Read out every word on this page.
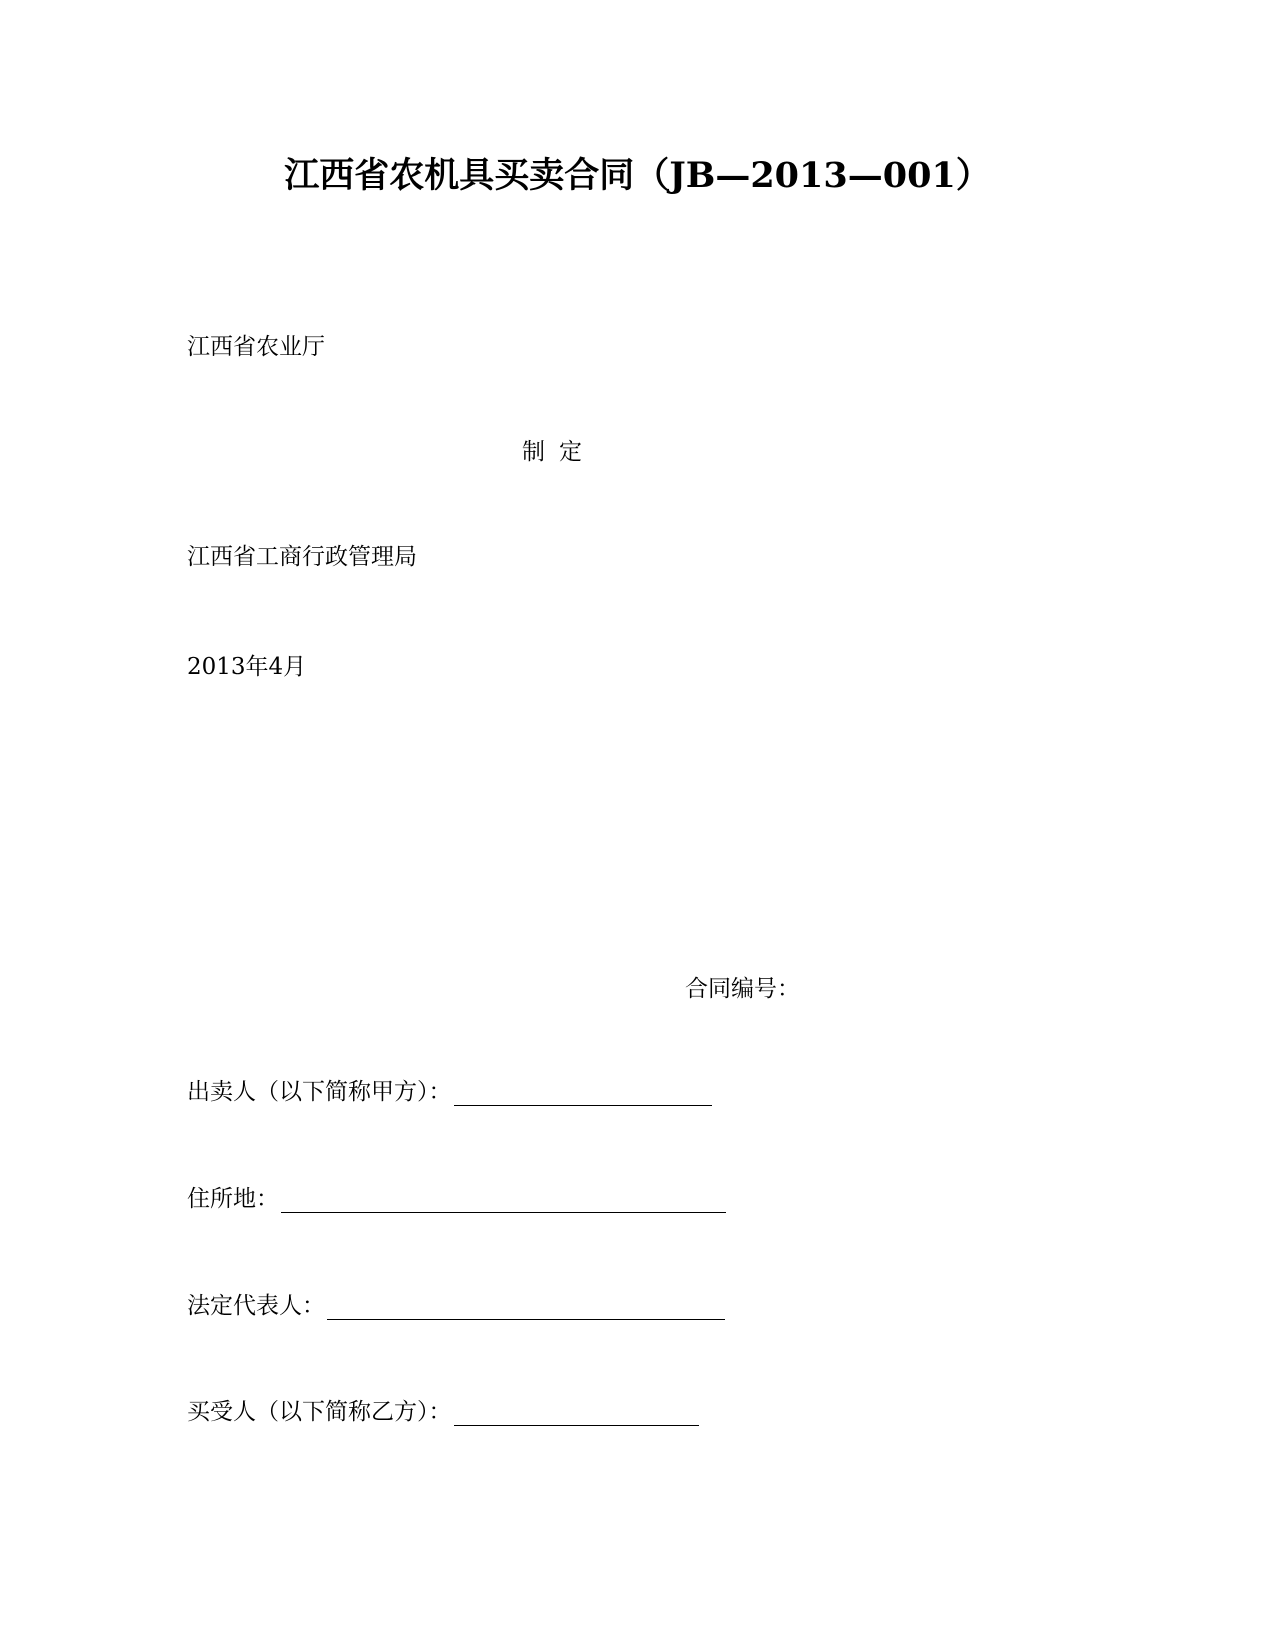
江西省农机具买卖合同（JB—2013—001）
江西省农业厅
制定
江西省工商行政管理局
2013年4月
合同编号：
出卖人（以下简称甲方）：
住所地：
法定代表人：
买受人（以下简称乙方）：
